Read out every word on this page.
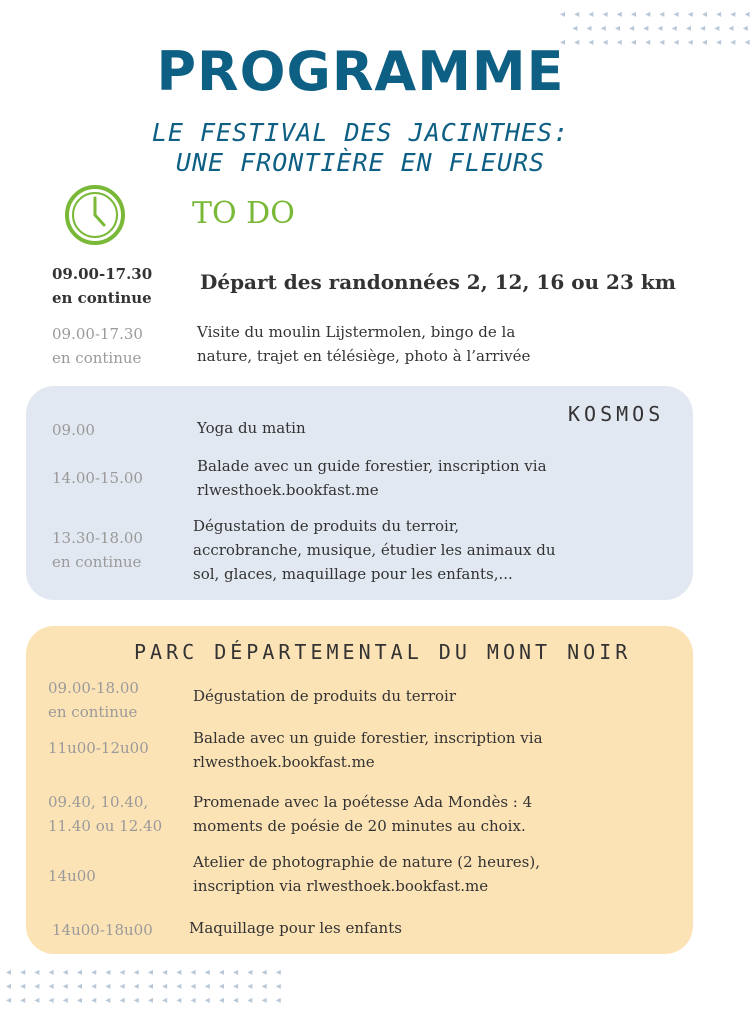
◂ ◂ ◂ ◂ ◂ ◂ ◂ ◂ ◂ ◂ ◂ ◂ ◂ ◂
◂ ◂ ◂ ◂ ◂ ◂ ◂ ◂ ◂ ◂ ◂ ◂ ◂
◂ ◂ ◂ ◂ ◂ ◂ ◂ ◂ ◂ ◂ ◂ ◂ ◂ ◂
◂ ◂ ◂ ◂ ◂ ◂ ◂ ◂ ◂ ◂ ◂ ◂ ◂ ◂ ◂ ◂ ◂ ◂ ◂ ◂
◂ ◂ ◂ ◂ ◂ ◂ ◂ ◂ ◂ ◂ ◂ ◂ ◂ ◂ ◂ ◂ ◂ ◂ ◂ ◂
◂ ◂ ◂ ◂ ◂ ◂ ◂ ◂ ◂ ◂ ◂ ◂ ◂ ◂ ◂ ◂ ◂ ◂ ◂ ◂
PROGRAMME
LE FESTIVAL DES JACINTHES:
UNE FRONTIÈRE EN FLEURS
TO DO
09.00-17.30
en continue
Départ des randonnées 2, 12, 16 ou 23 km
09.00-17.30
en continue
Visite du moulin Lijstermolen, bingo de la
nature, trajet en télésiège, photo à l’arrivée
KOSMOS
09.00	Yoga du matin
14.00-15.00
Balade avec un guide forestier, inscription via
rlwesthoek.bookfast.me
13.30-18.00
en continue
Dégustation de produits du terroir,
accrobranche, musique, étudier les animaux du
sol, glaces, maquillage pour les enfants,...
PARC DÉPARTEMENTAL DU MONT NOIR
09.00-18.00
en continue
Dégustation de produits du terroir
11u00-12u00
Balade avec un guide forestier, inscription via
rlwesthoek.bookfast.me
09.40, 10.40,
11.40 ou 12.40
Promenade avec la poétesse Ada Mondès : 4
moments de poésie de 20 minutes au choix.
14u00
Atelier de photographie de nature (2 heures),
inscription via rlwesthoek.bookfast.me
14u00-18u00 Maquillage pour les enfants
